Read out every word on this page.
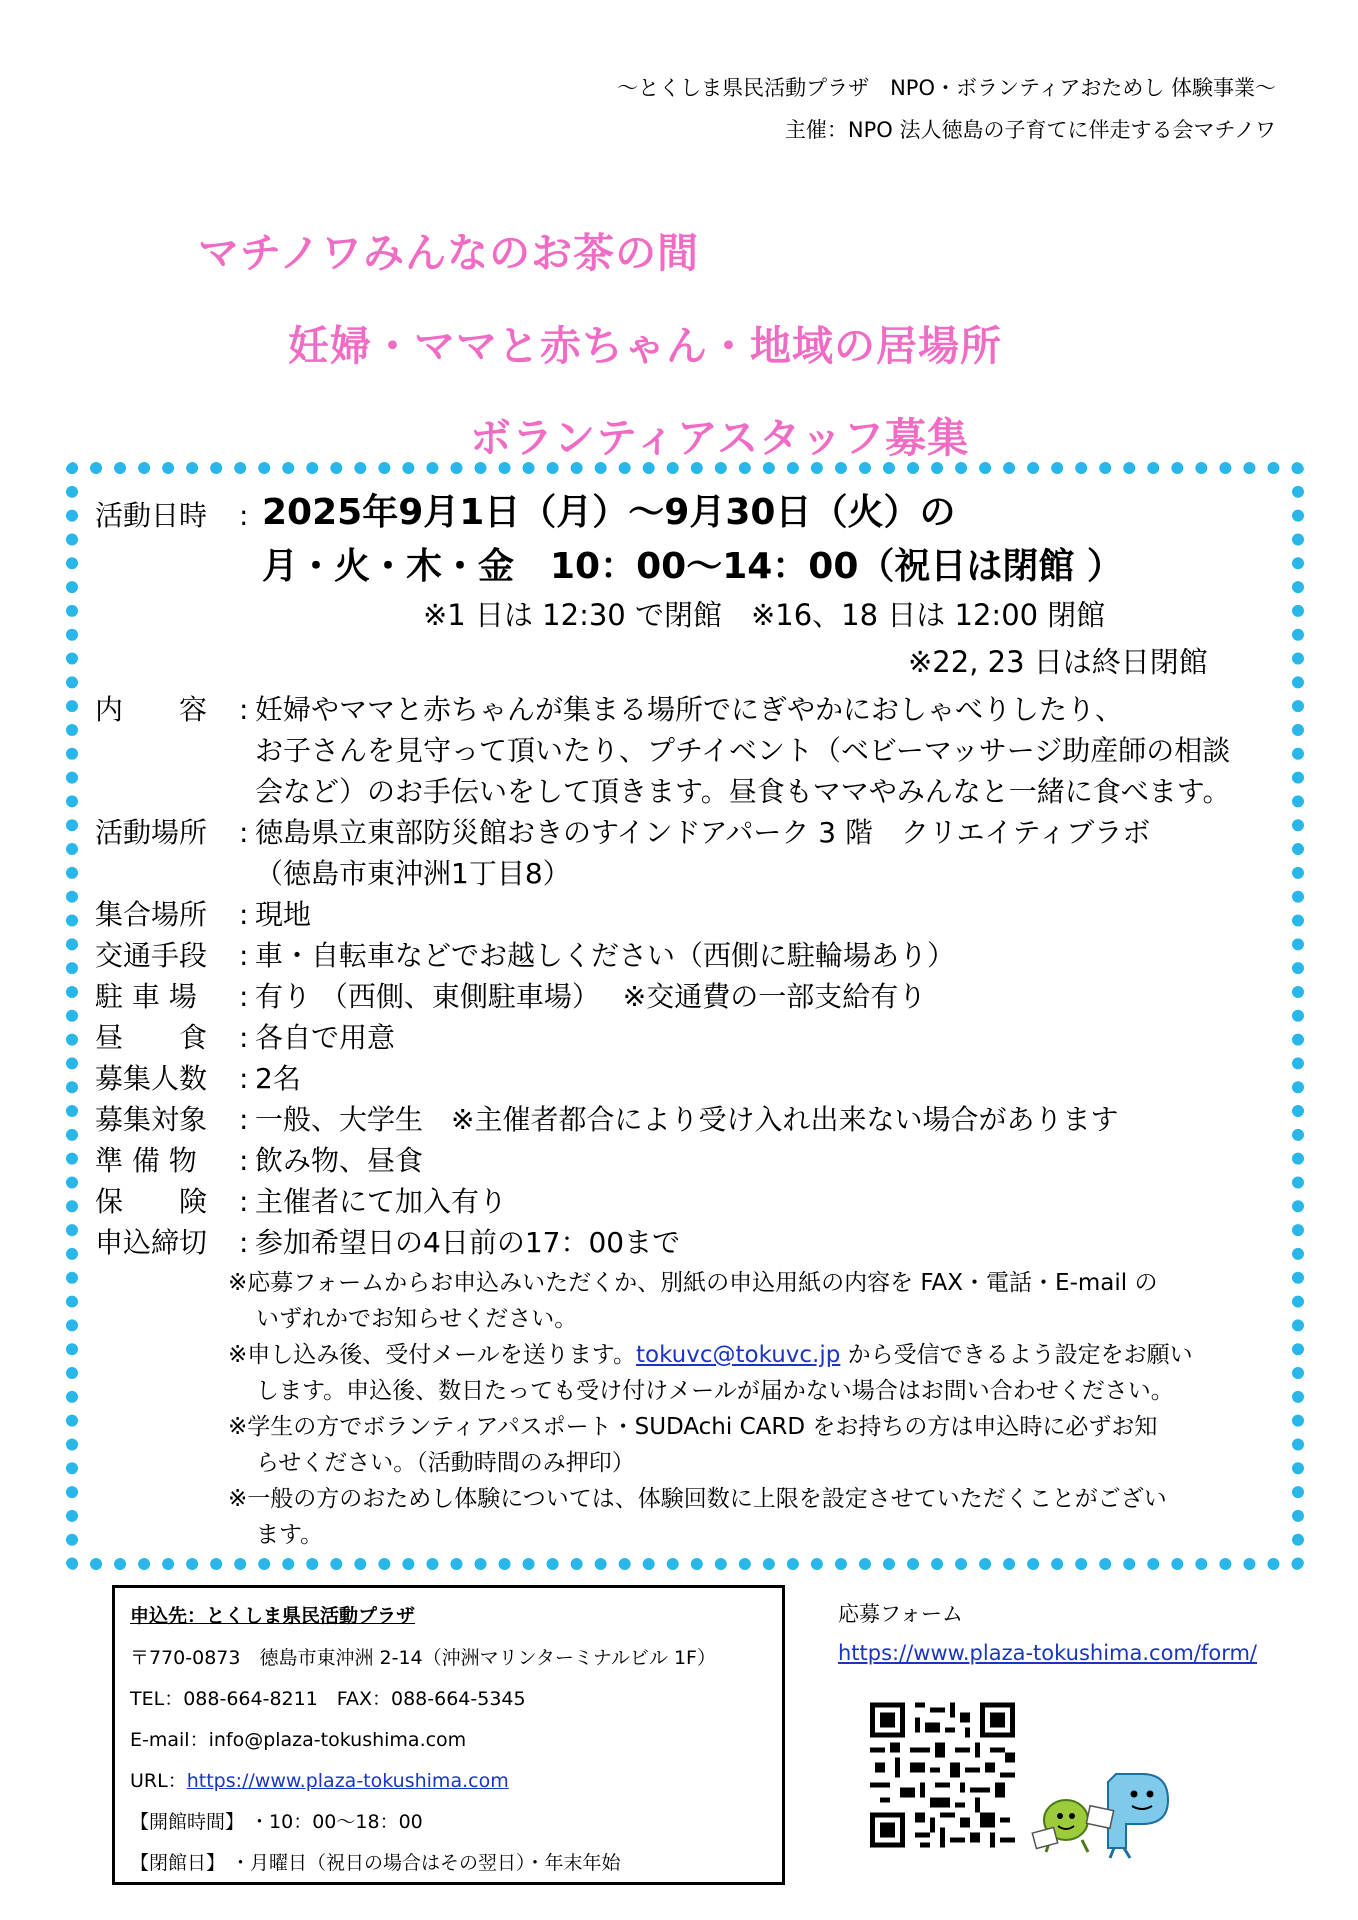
〜とくしま県民活動プラザ　NPO・ボランティアおためし 体験事業〜
主催：NPO 法人徳島の子育てに伴走する会マチノワ
マチノワみんなのお茶の間
妊婦・ママと赤ちゃん・地域の居場所
ボランティアスタッフ募集
活動日時 : 2025年9月1日（月）〜9月30日（火）の
月・火・木・金　10：00〜14：00（祝日は閉館 ）
※1 日は 12:30 で閉館　※16、18 日は 12:00 閉館
※22, 23 日は終日閉館
内　　容 : 妊婦やママと赤ちゃんが集まる場所でにぎやかにおしゃべりしたり、
お子さんを見守って頂いたり、プチイベント（ベビーマッサージ助産師の相談
会など）のお手伝いをして頂きます。昼食もママやみんなと一緒に食べます。
活動場所 : 徳島県立東部防災館おきのすインドアパーク 3 階　クリエイティブラボ
（徳島市東沖洲1丁目8）
集合場所 : 現地
交通手段 : 車・自転車などでお越しください（西側に駐輪場あり）
駐 車 場 : 有り （西側、東側駐車場）　 ※交通費の一部支給有り
昼　　食 : 各自で用意
募集人数 : 2名
募集対象 : 一般、大学生　※主催者都合により受け入れ出来ない場合があります
準 備 物 : 飲み物、昼食
保　　険 : 主催者にて加入有り
申込締切 : 参加希望日の4日前の17：00まで
※応募フォームからお申込みいただくか、別紙の申込用紙の内容を FAX・電話・E-mail の
いずれかでお知らせください。
※申し込み後、受付メールを送ります。tokuvc@tokuvc.jp から受信できるよう設定をお願い
します。申込後、数日たっても受け付けメールが届かない場合はお問い合わせください。
※学生の方でボランティアパスポート・SUDAchi CARD をお持ちの方は申込時に必ずお知
らせください。（活動時間のみ押印）
※一般の方のおためし体験については、体験回数に上限を設定させていただくことがござい
ます。
申込先：とくしま県民活動プラザ
〒770-0873　徳島市東沖洲 2-14（沖洲マリンターミナルビル 1F）
TEL：088-664-8211　FAX：088-664-5345
E-mail：info@plaza-tokushima.com
URL：https://www.plaza-tokushima.com
【開館時間】 ・10：00〜18：00
【閉館日】 ・月曜日（祝日の場合はその翌日）・年末年始
応募フォーム
https://www.plaza-tokushima.com/form/
